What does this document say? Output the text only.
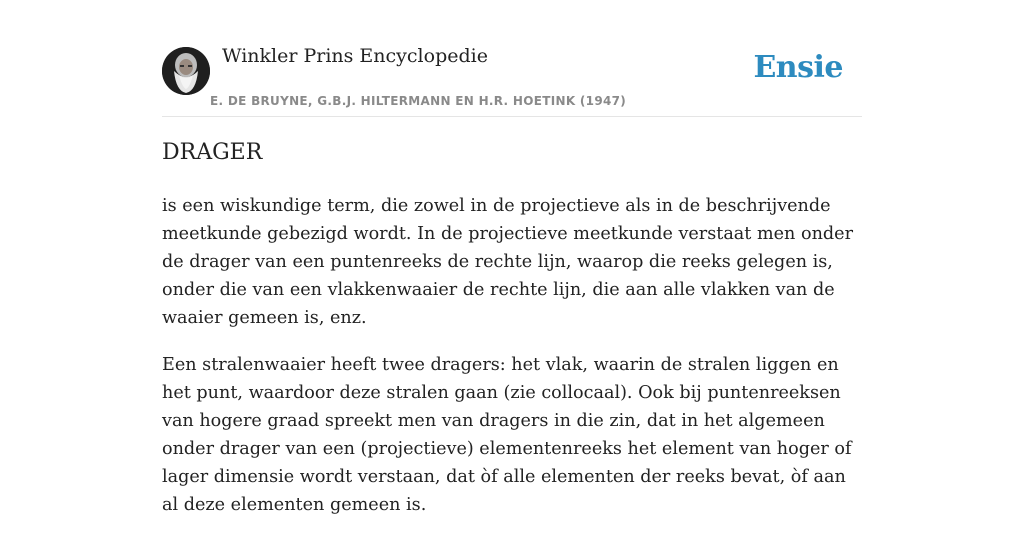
Winkler Prins Encyclopedie
E. DE BRUYNE, G.B.J. HILTERMANN EN H.R. HOETINK (1947)
Ensie
DRAGER

is een wiskundige term, die zowel in de projectieve als in de beschrijvende meetkunde gebezigd wordt. In de projectieve meetkunde verstaat men onder de drager van een puntenreeks de rechte lijn, waarop die reeks gelegen is, onder die van een vlakkenwaaier de rechte lijn, die aan alle vlakken van de waaier gemeen is, enz.

Een stralenwaaier heeft twee dragers: het vlak, waarin de stralen liggen en het punt, waardoor deze stralen gaan (zie collocaal). Ook bij puntenreeksen van hogere graad spreekt men van dragers in die zin, dat in het algemeen onder drager van een (projectieve) elementenreeks het element van hoger of lager dimensie wordt verstaan, dat òf alle elementen der reeks bevat, òf aan al deze elementen gemeen is.
